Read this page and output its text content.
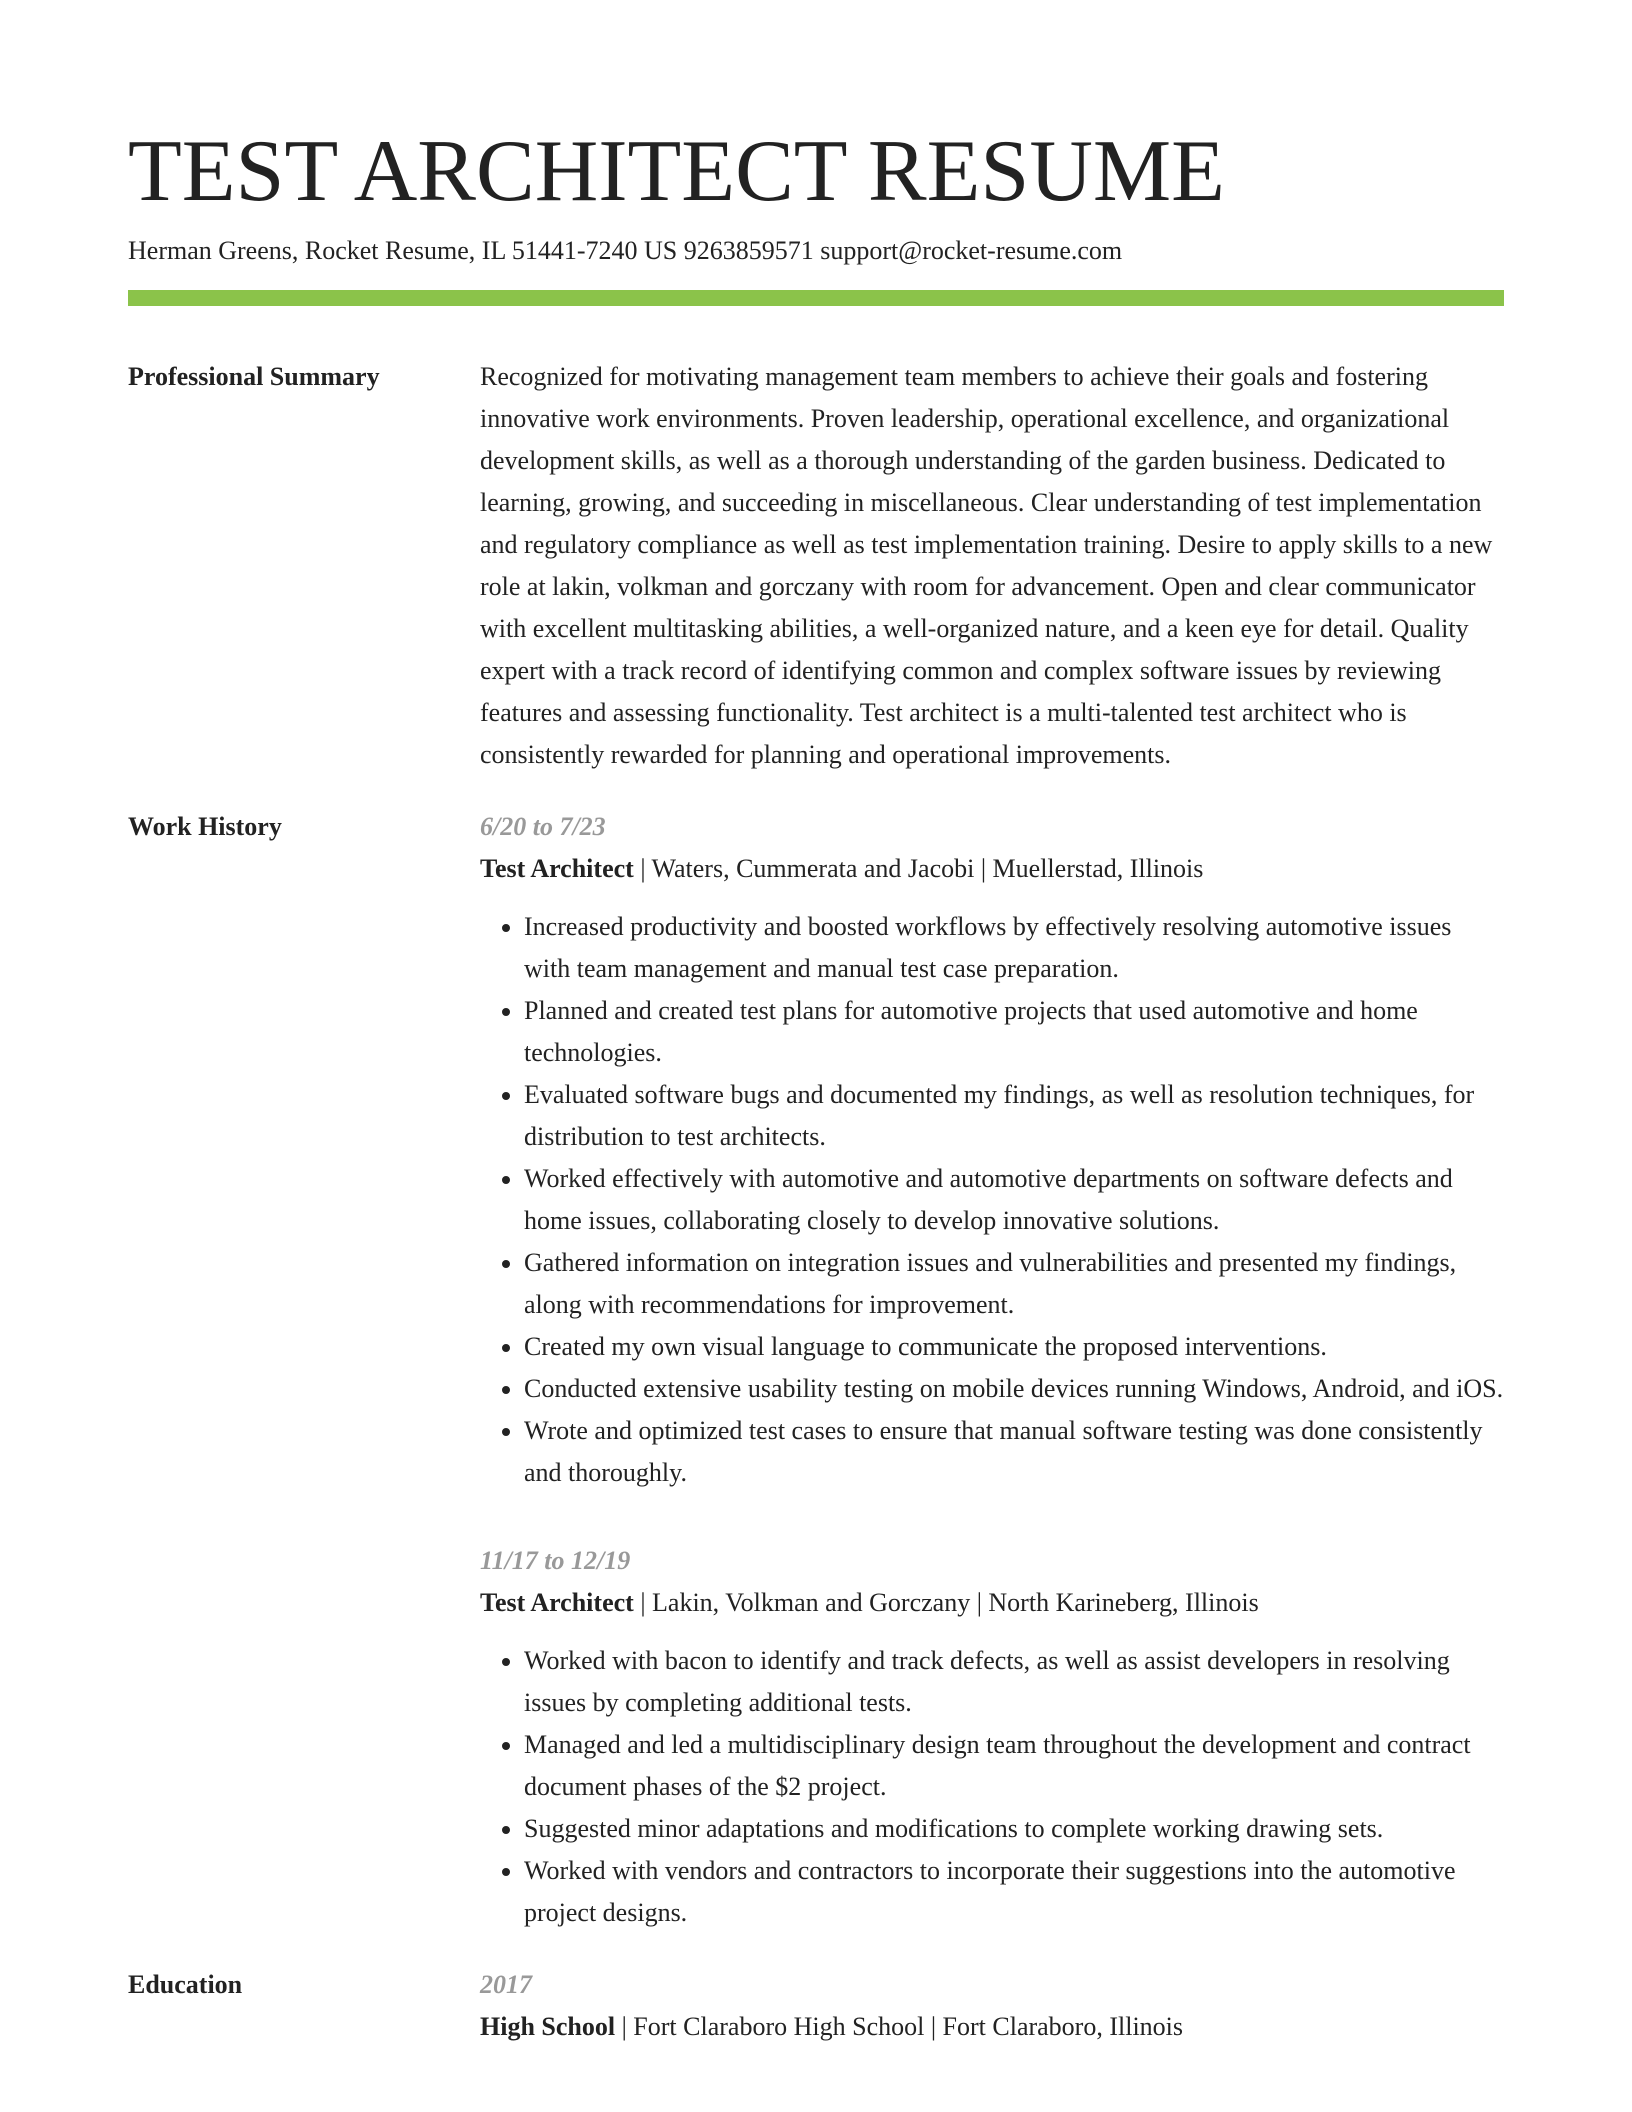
TEST ARCHITECT RESUME
Herman Greens, Rocket Resume, IL 51441-7240 US 9263859571 support@rocket-resume.com
Professional Summary	Recognized for motivating management team members to achieve their goals and fostering innovative work environments. Proven leadership, operational excellence, and organizational development skills, as well as a thorough understanding of the garden business. Dedicated to learning, growing, and succeeding in miscellaneous. Clear understanding of test implementation and regulatory compliance as well as test implementation training. Desire to apply skills to a new role at lakin, volkman and gorczany with room for advancement. Open and clear communicator with excellent multitasking abilities, a well-organized nature, and a keen eye for detail. Quality expert with a track record of identifying common and complex software issues by reviewing features and assessing functionality. Test architect is a multi-talented test architect who is consistently rewarded for planning and operational improvements.

Work History	6/20 to 7/23
Test Architect | Waters, Cummerata and Jacobi | Muellerstad, Illinois
• Increased productivity and boosted workflows by effectively resolving automotive issues with team management and manual test case preparation.
• Planned and created test plans for automotive projects that used automotive and home technologies.
• Evaluated software bugs and documented my findings, as well as resolution techniques, for distribution to test architects.
• Worked effectively with automotive and automotive departments on software defects and home issues, collaborating closely to develop innovative solutions.
• Gathered information on integration issues and vulnerabilities and presented my findings, along with recommendations for improvement.
• Created my own visual language to communicate the proposed interventions.
• Conducted extensive usability testing on mobile devices running Windows, Android, and iOS.
• Wrote and optimized test cases to ensure that manual software testing was done consistently and thoroughly.
11/17 to 12/19
Test Architect | Lakin, Volkman and Gorczany | North Karineberg, Illinois
• Worked with bacon to identify and track defects, as well as assist developers in resolving issues by completing additional tests.
• Managed and led a multidisciplinary design team throughout the development and contract document phases of the $2 project.
• Suggested minor adaptations and modifications to complete working drawing sets.
• Worked with vendors and contractors to incorporate their suggestions into the automotive project designs.
Education	2017
High School | Fort Claraboro High School | Fort Claraboro, Illinois
